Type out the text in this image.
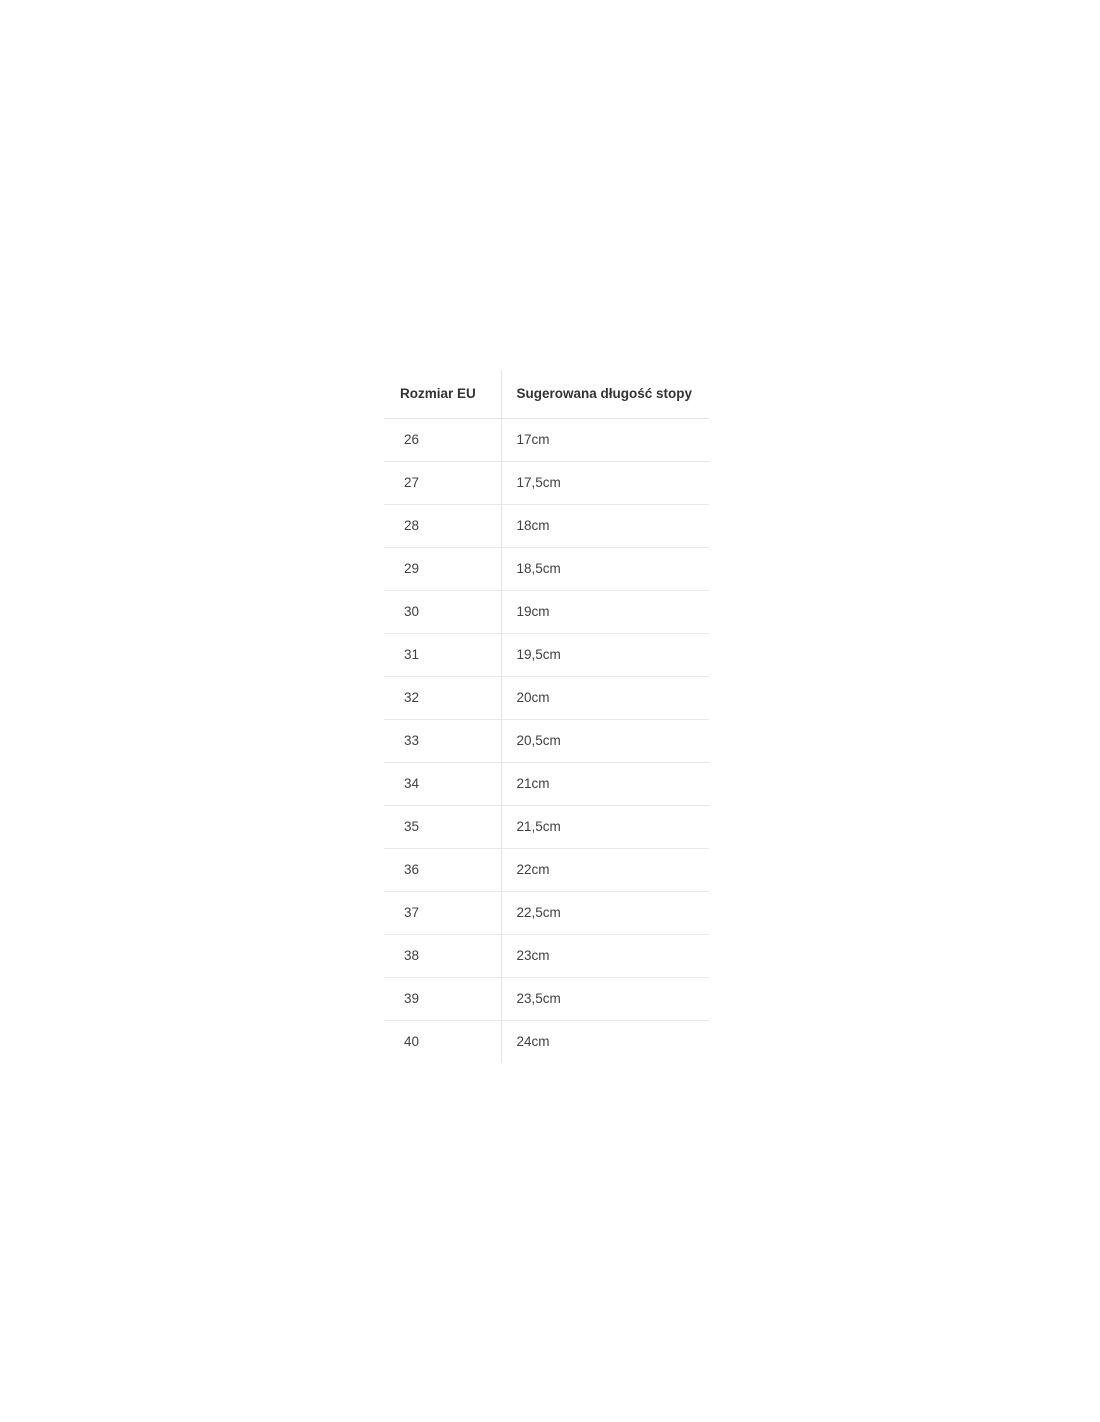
Rozmiar EU	Sugerowana długość stopy
26	17cm
27	17,5cm
28	18cm
29	18,5cm
30	19cm
31	19,5cm
32	20cm
33	20,5cm
34	21cm
35	21,5cm
36	22cm
37	22,5cm
38	23cm
39	23,5cm
40	24cm
